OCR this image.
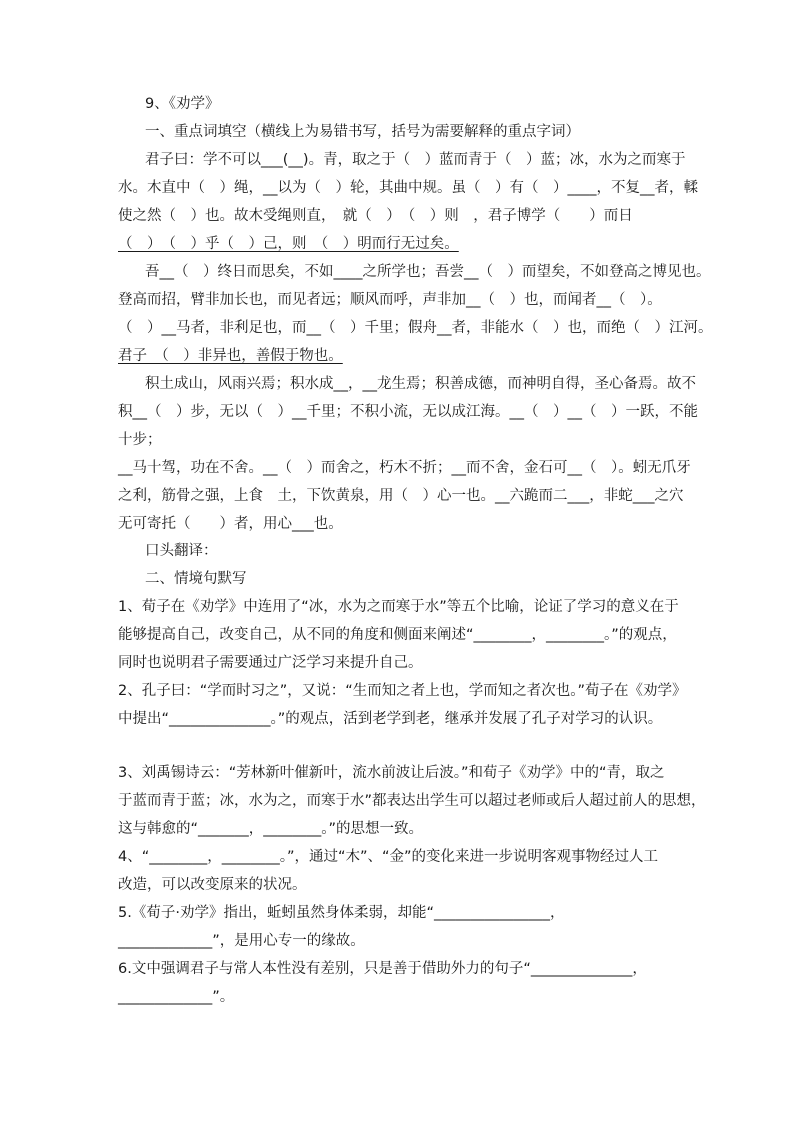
9、《劝学》
一、重点词填空（横线上为易错书写，括号为需要解释的重点字词）
君子曰：学不可以___(__)。青，取之于（　）蓝而青于（　）蓝；冰，水为之而寒于
水。木直中（　）绳，__以为（　）轮，其曲中规。虽（　）有（　）____，不复__者，輮
使之然（　）也。故木受绳则直，　就（　）　（　）则　，君子博学（　　）而日
（　）　（　）乎（　）己，则　（　）明而行无过矣。
吾__（　）终日而思矣，不如____之所学也；吾尝__（　）而望矣，不如登高之博见也。
登高而招，臂非加长也，而见者远；顺风而呼，声非加__（　）也，而闻者__（　）。
（　）__马者，非利足也，而__（　）千里；假舟__者，非能水（　）也，而绝（　）江河。
君子　（　）非异也，善假于物也。
积土成山，风雨兴焉；积水成__，__龙生焉；积善成德，而神明自得，圣心备焉。故不
积__（　）步，无以（　）__千里；不积小流，无以成江海。__（　）__（　）一跃，不能
十步；
__马十驾，功在不舍。__（　）而舍之，朽木不折；__而不舍，金石可__（　）。蚓无爪牙
之利，筋骨之强，上食　土，下饮黄泉，用（　）心一也。__六跪而二___，非蛇___之穴
无可寄托（　　）者，用心___也。
口头翻译：
二、情境句默写
1、荀子在《劝学》中连用了“冰，水为之而寒于水”等五个比喻，论证了学习的意义在于
能够提高自己，改变自己，从不同的角度和侧面来阐述“________，________。”的观点，
同时也说明君子需要通过广泛学习来提升自己。
2、孔子曰：“学而时习之”，又说：“生而知之者上也，学而知之者次也。”荀子在《劝学》
中提出“______________。”的观点，活到老学到老，继承并发展了孔子对学习的认识。
3、刘禹锡诗云：“芳林新叶催新叶，流水前波让后波。”和荀子《劝学》中的“青，取之
于蓝而青于蓝；冰，水为之，而寒于水”都表达出学生可以超过老师或后人超过前人的思想，
这与韩愈的“_______，________。”的思想一致。
4、“________，________。”，通过“木”、“金”的变化来进一步说明客观事物经过人工
改造，可以改变原来的状况。
5.《荀子·劝学》指出，蚯蚓虽然身体柔弱，却能“________________，
_____________”，是用心专一的缘故。
6.文中强调君子与常人本性没有差别，只是善于借助外力的句子“______________，
_____________”。
